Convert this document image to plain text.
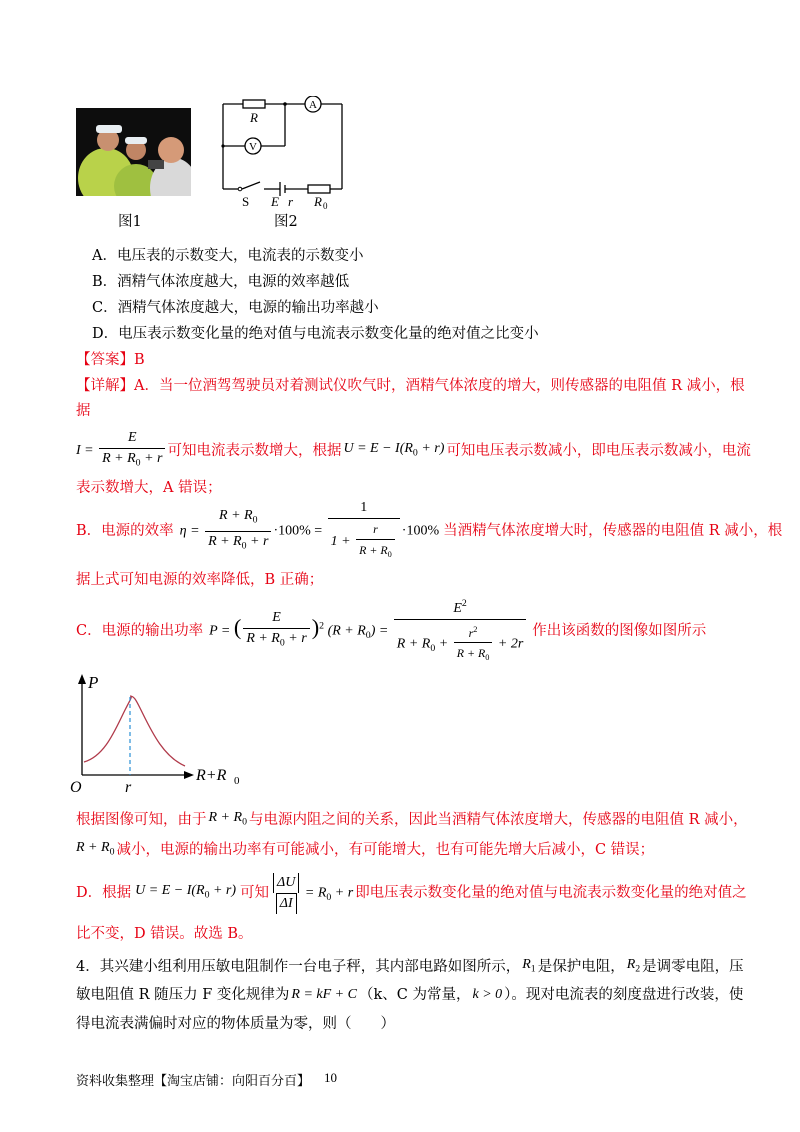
图1
A
V
R
S E r R 0
图2
A．电压表的示数变大，电流表的示数变小
B．酒精气体浓度越大，电源的效率越低
C．酒精气体浓度越大，电源的输出功率越小
D．电压表示数变化量的绝对值与电流表示数变化量的绝对值之比变小
【答案】B
【详解】A．当一位酒驾驾驶员对着测试仪吹气时，酒精气体浓度的增大，则传感器的电阻值 R 减小，根
据
$I = \frac{E}{R + R_0 + r}$ 可知电流表示数增大，根据 $U = E - I(R_0 + r)$ 可知电压表示数减小，即电压表示数减小，电流
表示数增大，A 错误；
B．电源的效率 $\eta = \frac{R + R_0}{R + R_0 + r} \cdot 100\% = \frac{1}{1 + \frac{r}{R + R_0}} \cdot 100\%$ 当酒精气体浓度增大时，传感器的电阻值 R 减小，根
据上式可知电源的效率降低，B 正确；
C．电源的输出功率 P = ( $\frac{E}{R + R_0 + r} )^2$ $(R + R_0) = \frac{E^2}{R + R_0 + \frac{r^2}{R + R_0} + 2r}$ 作出该函数的图像如图所示
P
O	r
R+R 0
根据图像可知，由于 $R + R_0$ 与电源内阻之间的关系，因此当酒精气体浓度增大，传感器的电阻值 R 减小，
$R + R_0$ 减小，电源的输出功率有可能减小，有可能增大，也有可能先增大后减小，C 错误；
D．根据 $U = E - I(R_0 + r)$ 可知 $\frac{\Delta U}{\Delta I} = R_0 + r$ 即电压表示数变化量的绝对值与电流表示数变化量的绝对值之
比不变，D 错误。故选 B。
4．其兴建小组利用压敏电阻制作一台电子秤，其内部电路如图所示， $R_1$ 是保护电阻， $R_2$ 是调零电阻，压
敏电阻值 R 随压力 F 变化规律为 R = kF + C （k、C 为常量， k > 0 ）。现对电流表的刻度盘进行改装，使
得电流表满偏时对应的物体质量为零，则（　　）
资料收集整理【淘宝店铺：向阳百分百】 10
